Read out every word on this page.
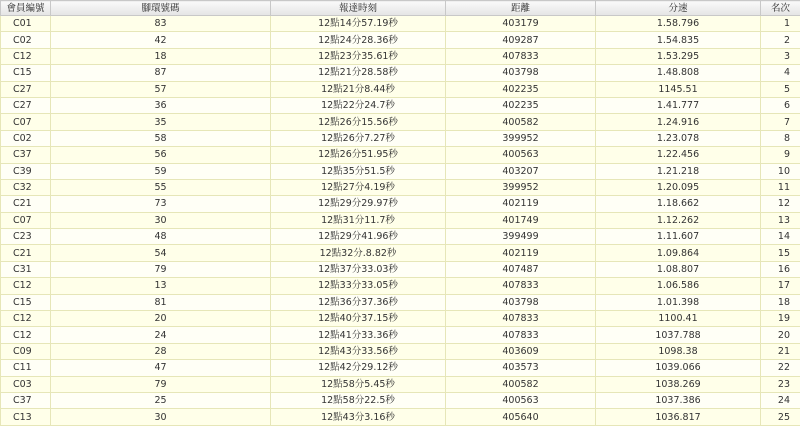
會員編號	腳環號碼	報達時刻	距離	分速	名次
C01	83	12點14分57.19秒	403179	1.58.796	1
C02	42	12點24分28.36秒	409287	1.54.835	2
C12	18	12點23分35.61秒	407833	1.53.295	3
C15	87	12點21分28.58秒	403798	1.48.808	4
C27	57	12點21分8.44秒	402235	1145.51	5
C27	36	12點22分24.7秒	402235	1.41.777	6
C07	35	12點26分15.56秒	400582	1.24.916	7
C02	58	12點26分7.27秒	399952	1.23.078	8
C37	56	12點26分51.95秒	400563	1.22.456	9
C39	59	12點35分51.5秒	403207	1.21.218	10
C32	55	12點27分4.19秒	399952	1.20.095	11
C21	73	12點29分29.97秒	402119	1.18.662	12
C07	30	12點31分11.7秒	401749	1.12.262	13
C23	48	12點29分41.96秒	399499	1.11.607	14
C21	54	12點32分.8.82秒	402119	1.09.864	15
C31	79	12點37分33.03秒	407487	1.08.807	16
C12	13	12點33分33.05秒	407833	1.06.586	17
C15	81	12點36分37.36秒	403798	1.01.398	18
C12	20	12點40分37.15秒	407833	1100.41	19
C12	24	12點41分33.36秒	407833	1037.788	20
C09	28	12點43分33.56秒	403609	1098.38	21
C11	47	12點42分29.12秒	403573	1039.066	22
C03	79	12點58分5.45秒	400582	1038.269	23
C37	25	12點58分22.5秒	400563	1037.386	24
C13	30	12點43分3.16秒	405640	1036.817	25
